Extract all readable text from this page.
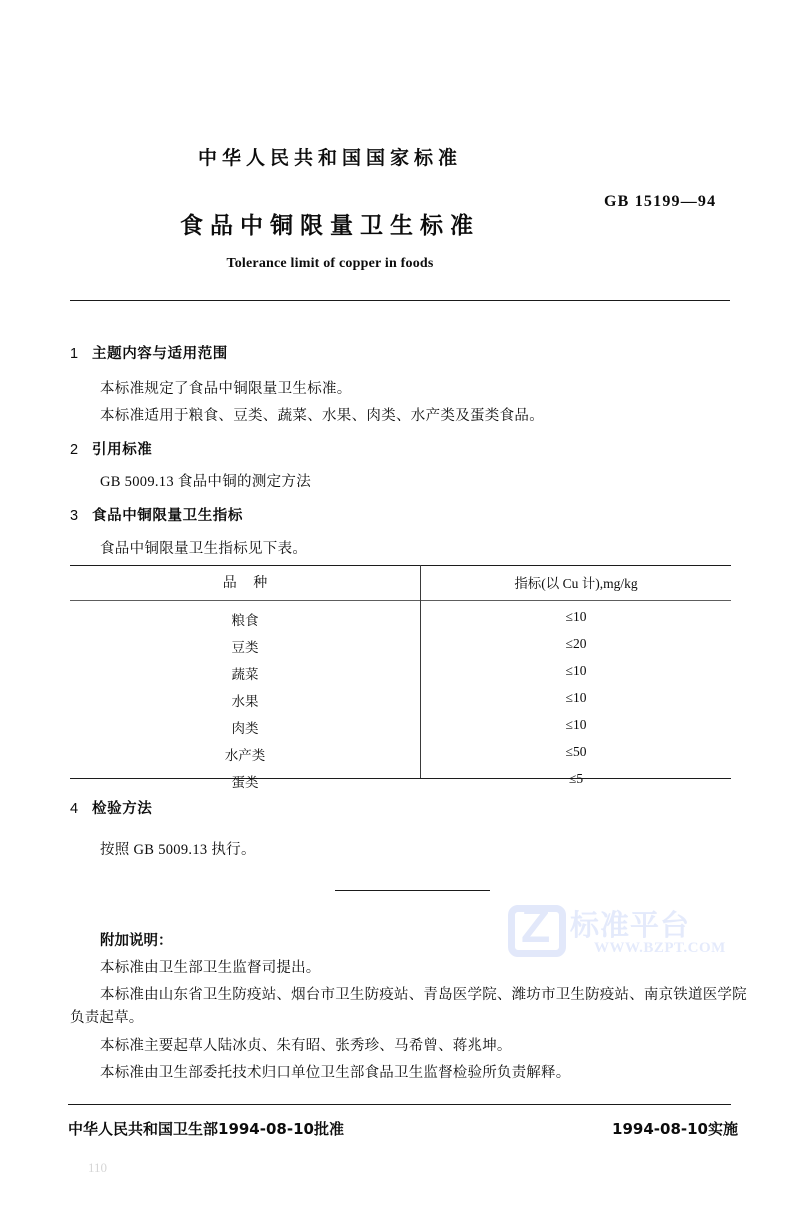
Z
标准平台
WWW.BZPT.COM
中华人民共和国国家标准
GB 15199—94
食品中铜限量卫生标准
Tolerance limit of copper in foods
1 主题内容与适用范围
本标准规定了食品中铜限量卫生标准。
本标准适用于粮食、豆类、蔬菜、水果、肉类、水产类及蛋类食品。
2 引用标准
GB 5009.13 食品中铜的测定方法
3 食品中铜限量卫生指标
食品中铜限量卫生指标见下表。
品 种	指标(以 Cu 计),mg/kg
粮食	≤10
豆类	≤20
蔬菜	≤10
水果	≤10
肉类	≤10
水产类	≤50
蛋类	≤5
4 检验方法
按照 GB 5009.13 执行。
附加说明：
本标准由卫生部卫生监督司提出。
本标准由山东省卫生防疫站、烟台市卫生防疫站、青岛医学院、潍坊市卫生防疫站、南京铁道医学院
负责起草。
本标准主要起草人陆冰贞、朱有昭、张秀珍、马希曾、蒋兆坤。
本标准由卫生部委托技术归口单位卫生部食品卫生监督检验所负责解释。
中华人民共和国卫生部1994-08-10批准	1994-08-10实施
110
